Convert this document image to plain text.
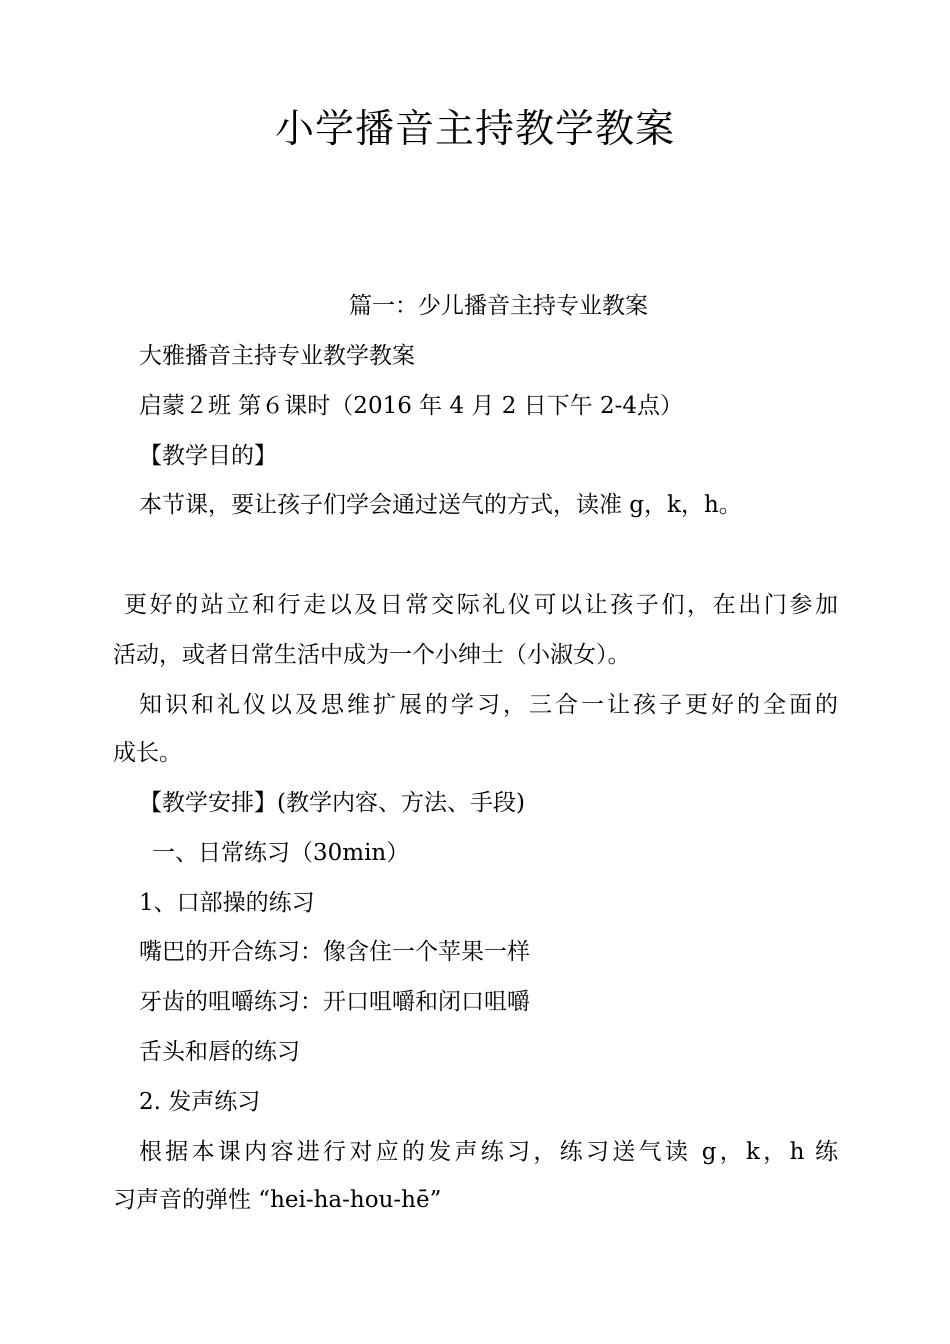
小学播音主持教学教案
篇一：少儿播音主持专业教案
大雅播音主持专业教学教案
启蒙２班 第６课时（2016 年 4 月 2 日下午 2-4点）
【教学目的】
本节课，要让孩子们学会通过送气的方式，读准 g，k，h。
更好的站立和行走以及日常交际礼仪可以让孩子们，在出门参加
活动，或者日常生活中成为一个小绅士（小淑女）。
知识和礼仪以及思维扩展的学习，三合一让孩子更好的全面的
成长。
【教学安排】(教学内容、方法、手段)
一、日常练习（30min）
1、口部操的练习
嘴巴的开合练习：像含住一个苹果一样
牙齿的咀嚼练习：开口咀嚼和闭口咀嚼
舌头和唇的练习
2. 发声练习
根据本课内容进行对应的发声练习，练习送气读 g，k，h 练
习声音的弹性 “hei-ha-hou-hē”
